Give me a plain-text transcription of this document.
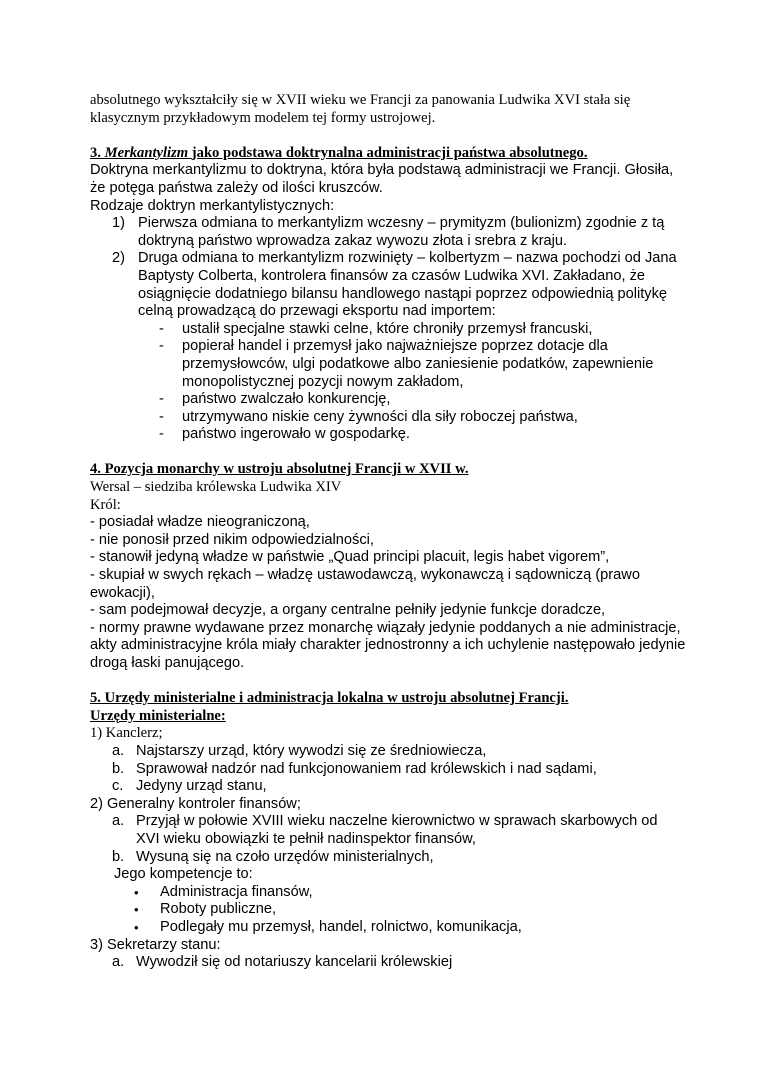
absolutnego wykształciły się w XVII wieku we Francji za panowania Ludwika XVI stała się

klasycznym przykładowym modelem tej formy ustrojowej.

3. Merkantylizm jako podstawa doktrynalna administracji państwa absolutnego.

Doktryna merkantylizmu to doktryna, która była podstawą administracji we Francji. Głosiła,

że potęga państwa zależy od ilości kruszców.

Rodzaje doktryn merkantylistycznych:

1) Pierwsza odmiana to merkantylizm wczesny – prymityzm (bulionizm) zgodnie z tą

doktryną państwo wprowadza zakaz wywozu złota i srebra z kraju.

2) Druga odmiana to merkantylizm rozwinięty – kolbertyzm – nazwa pochodzi od Jana

Baptysty Colberta, kontrolera finansów za czasów Ludwika XVI. Zakładano, że

osiągnięcie dodatniego bilansu handlowego nastąpi poprzez odpowiednią politykę

celną prowadzącą do przewagi eksportu nad importem:

- ustalił specjalne stawki celne, które chroniły przemysł francuski,

- popierał handel i przemysł jako najważniejsze poprzez dotacje dla

przemysłowców, ulgi podatkowe albo zaniesienie podatków, zapewnienie

monopolistycznej pozycji nowym zakładom,

- państwo zwalczało konkurencję,

- utrzymywano niskie ceny żywności dla siły roboczej państwa,

- państwo ingerowało w gospodarkę.

4. Pozycja monarchy w ustroju absolutnej Francji w XVII w.

Wersal – siedziba królewska Ludwika XIV

Król:

- posiadał władze nieograniczoną,

- nie ponosił przed nikim odpowiedzialności,

- stanowił jedyną władze w państwie „Quad principi placuit, legis habet vigorem”,

- skupiał w swych rękach – władzę ustawodawczą, wykonawczą i sądowniczą (prawo

ewokacji),

- sam podejmował decyzje, a organy centralne pełniły jedynie funkcje doradcze,

- normy prawne wydawane przez monarchę wiązały jedynie poddanych a nie administracje,

akty administracyjne króla miały charakter jednostronny a ich uchylenie następowało jedynie

drogą łaski panującego.

5. Urzędy ministerialne i administracja lokalna w ustroju absolutnej Francji.

Urzędy ministerialne:

1) Kanclerz;

a. Najstarszy urząd, który wywodzi się ze średniowiecza,

b. Sprawował nadzór nad funkcjonowaniem rad królewskich i nad sądami,

c. Jedyny urząd stanu,

2) Generalny kontroler finansów;

a. Przyjął w połowie XVIII wieku naczelne kierownictwo w sprawach skarbowych od

XVI wieku obowiązki te pełnił nadinspektor finansów,

b. Wysuną się na czoło urzędów ministerialnych,

Jego kompetencje to:

• Administracja finansów,

• Roboty publiczne,

• Podlegały mu przemysł, handel, rolnictwo, komunikacja,

3) Sekretarzy stanu:

a. Wywodził się od notariuszy kancelarii królewskiej
